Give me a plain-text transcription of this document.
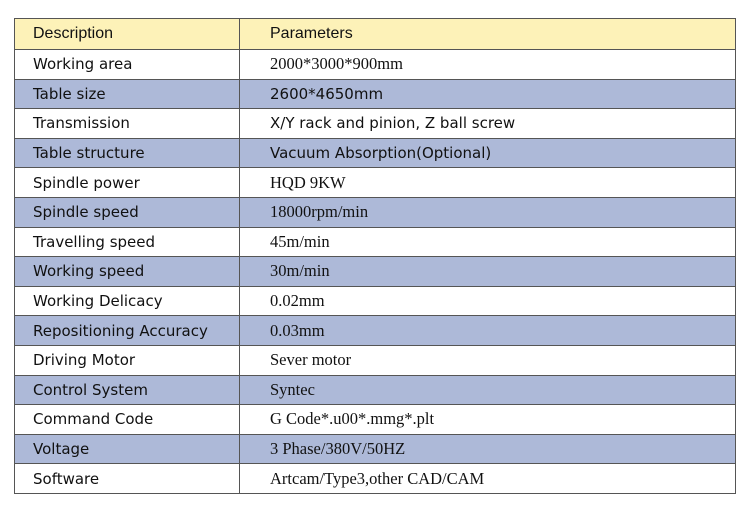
Description	Parameters
Working area	2000*3000*900mm
Table size	2600*4650mm
Transmission	X/Y rack and pinion, Z ball screw
Table structure	Vacuum Absorption(Optional)
Spindle power	HQD 9KW
Spindle speed	18000rpm/min
Travelling speed	45m/min
Working speed	30m/min
Working Delicacy	0.02mm
Repositioning Accuracy	0.03mm
Driving Motor	Sever motor
Control System	Syntec
Command Code	G Code*.u00*.mmg*.plt
Voltage	3 Phase/380V/50HZ
Software	Artcam/Type3,other CAD/CAM
